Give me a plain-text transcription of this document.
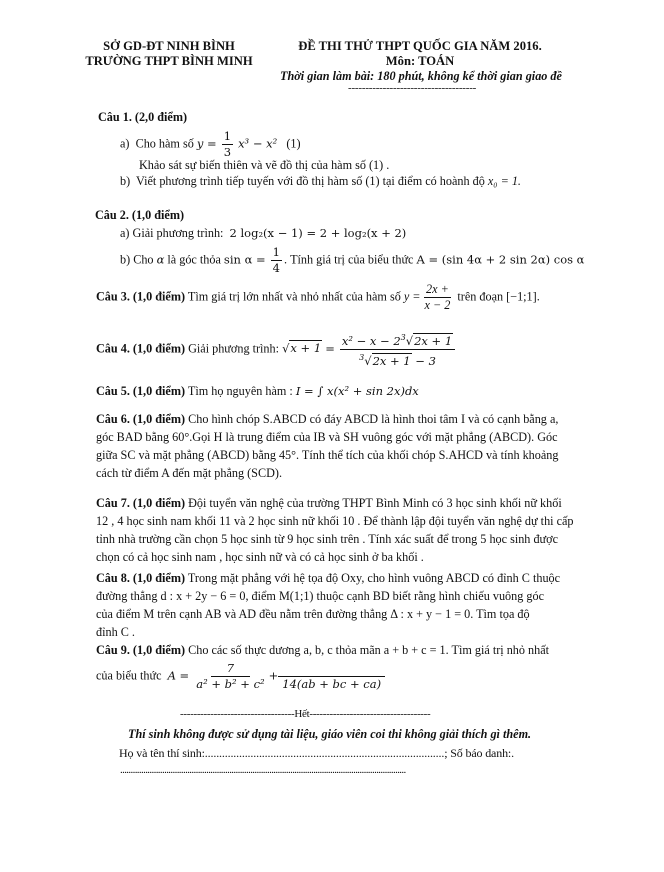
SỞ GD-ĐT NINH BÌNH
TRƯỜNG THPT BÌNH MINH
ĐỀ THI THỬ THPT QUỐC GIA NĂM 2016.
Môn: TOÁN
Thời gian làm bài: 180 phút, không kể thời gian giao đề
-------------------------------------
Câu 1. (2,0 điểm)
a) Cho hàm số $y = \frac{1}{3} x^3 - x^2$ (1)
Khảo sát sự biến thiên và vẽ đồ thị của hàm số (1) .
b) Viết phương trình tiếp tuyến với đồ thị hàm số (1) tại điểm có hoành độ x₀ = 1.
Câu 2. (1,0 điểm)
a) Giải phương trình: 2 log₂(x − 1) = 2 + log₂(x + 2)
b) Cho α là góc thỏa $\sin \alpha = \frac{1}{4}$ . Tính giá trị của biểu thức A = (sin 4α + 2 sin 2α) cos α
Câu 3. (1,0 điểm) Tìm giá trị lớn nhất và nhỏ nhất của hàm số $y = \frac{2x +}{x - 2}$ trên đoạn [−1;1].
Câu 4. (1,0 điểm) Giải phương trình: $√x + 1 = \frac{x^2 - x - 2^3√2x + 1}{^3√2x + 1 - 3}$
Câu 5. (1,0 điểm) Tìm họ nguyên hàm : I = ∫ x(x² + sin 2x)dx
Câu 6. (1,0 điểm) Cho hình chóp S.ABCD có đáy ABCD là hình thoi tâm I và có cạnh bằng a,
góc BAD bằng 60°.Gọi H là trung điểm của IB và SH vuông góc với mặt phẳng (ABCD). Góc
giữa SC và mặt phẳng (ABCD) bằng 45°. Tính thể tích của khối chóp S.AHCD và tính khoảng
cách từ điểm A đến mặt phẳng (SCD).
Câu 7. (1,0 điểm) Đội tuyển văn nghệ của trường THPT Bình Minh có 3 học sinh khối nữ khối
12 , 4 học sinh nam khối 11 và 2 học sinh nữ khối 10 . Để thành lập đội tuyển văn nghệ dự thi cấp
tỉnh nhà trường cần chọn 5 học sinh từ 9 học sinh trên . Tính xác suất để trong 5 học sinh được
chọn có cả học sinh nam , học sinh nữ và có cả học sinh ở ba khối .
Câu 8. (1,0 điểm) Trong mặt phẳng với hệ tọa độ Oxy, cho hình vuông ABCD có đỉnh C thuộc
đường thẳng d : x + 2y − 6 = 0, điểm M(1;1) thuộc cạnh BD biết rằng hình chiếu vuông góc
của điểm M trên cạnh AB và AD đều nằm trên đường thẳng Δ : x + y − 1 = 0. Tìm tọa độ
đỉnh C .
Câu 9. (1,0 điểm) Cho các số thực dương a, b, c thỏa mãn a + b + c = 1. Tìm giá trị nhỏ nhất
của biểu thức $A = \frac{7}{\text{a² + b² + c²}}$ +
14(ab + bc + ca)
----------------------------------Hết------------------------------------
Thí sinh không được sử dụng tài liệu, giáo viên coi thi không giải thích gì thêm.
Họ và tên thí sinh:....................................................................................; Số báo danh:.
........................................................................................................................................
